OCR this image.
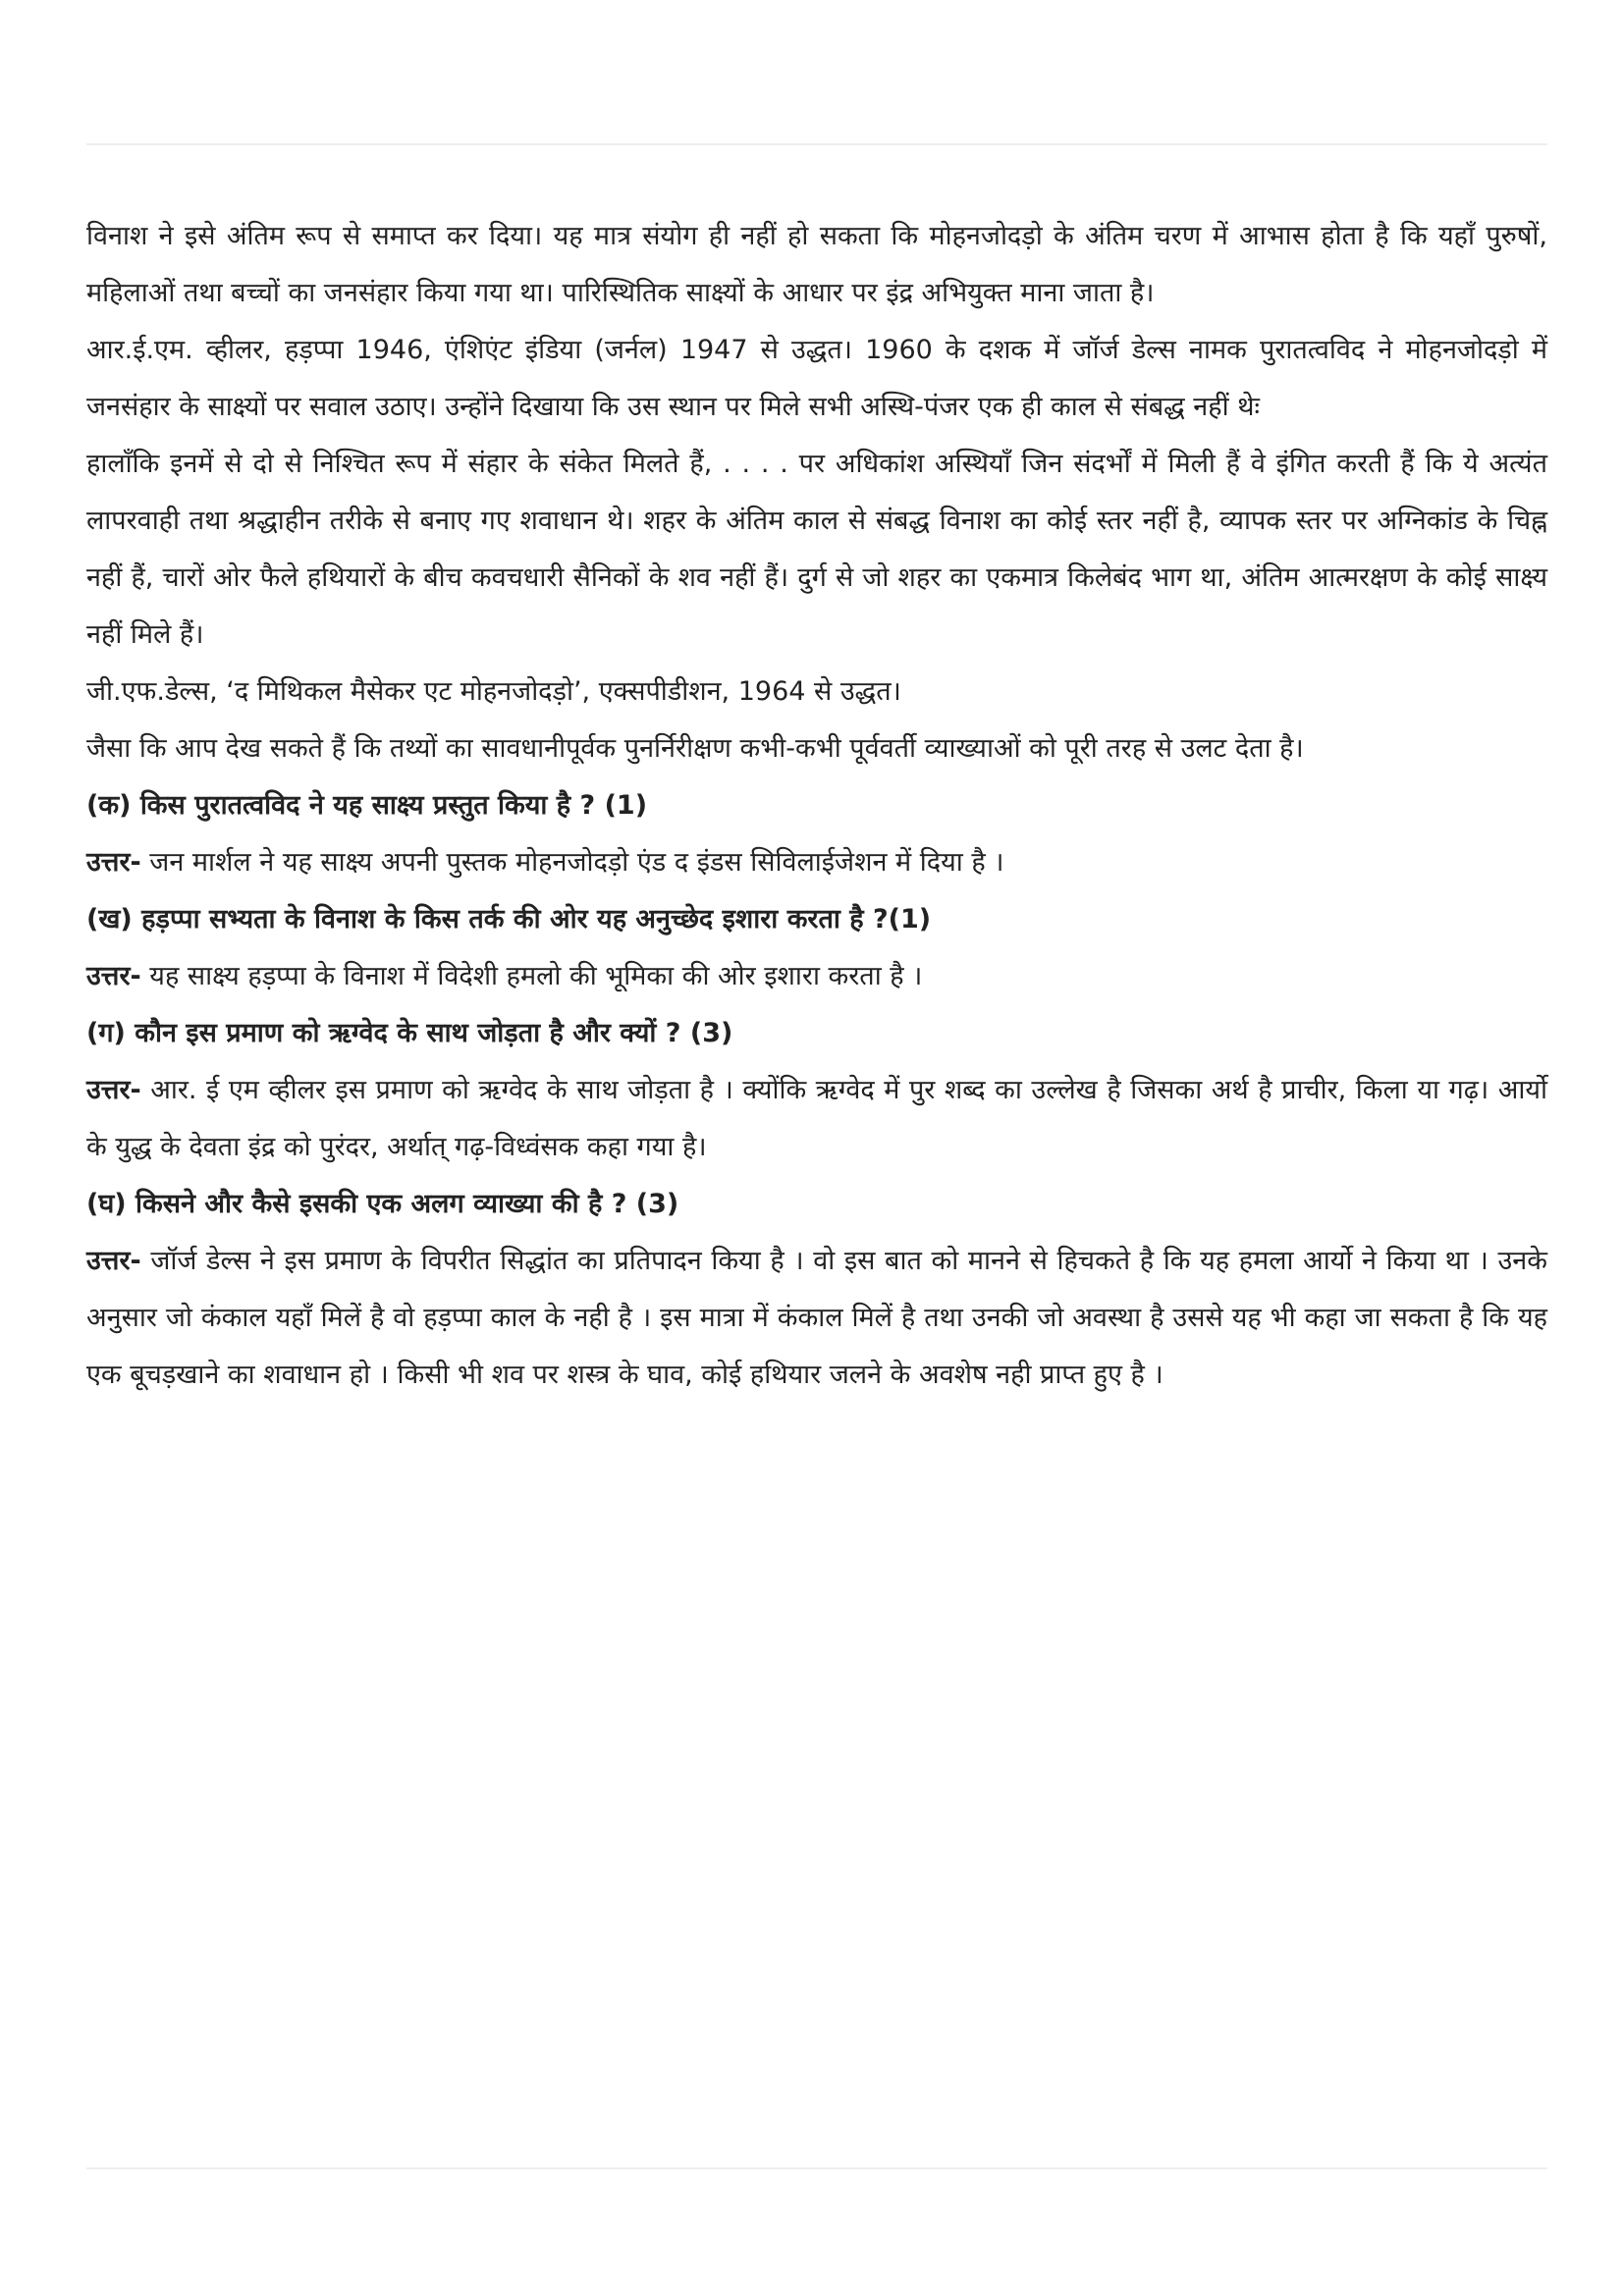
विनाश ने इसे अंतिम रूप से समाप्त कर दिया। यह मात्र संयोग ही नहीं हो सकता कि मोहनजोदड़ो के अंतिम चरण में आभास होता है कि यहाँ पुरुषों, महिलाओं तथा बच्चों का जनसंहार किया गया था। पारिस्थितिक साक्ष्यों के आधार पर इंद्र अभियुक्त माना जाता है।

आर.ई.एम. व्हीलर, हड़प्पा 1946, एंशिएंट इंडिया (जर्नल) 1947 से उद्धत। 1960 के दशक में जॉर्ज डेल्स नामक पुरातत्वविद ने मोहनजोदड़ो में जनसंहार के साक्ष्यों पर सवाल उठाए। उन्होंने दिखाया कि उस स्थान पर मिले सभी अस्थि-पंजर एक ही काल से संबद्ध नहीं थेः

हालाँकि इनमें से दो से निश्चित रूप में संहार के संकेत मिलते हैं, . . . . पर अधिकांश अस्थियाँ जिन संदर्भों में मिली हैं वे इंगित करती हैं कि ये अत्यंत लापरवाही तथा श्रद्धाहीन तरीके से बनाए गए शवाधान थे। शहर के अंतिम काल से संबद्ध विनाश का कोई स्तर नहीं है, व्यापक स्तर पर अग्निकांड के चिह्न नहीं हैं, चारों ओर फैले हथियारों के बीच कवचधारी सैनिकों के शव नहीं हैं। दुर्ग से जो शहर का एकमात्र किलेबंद भाग था, अंतिम आत्मरक्षण के कोई साक्ष्य नहीं मिले हैं।

जी.एफ.डेल्स, ‘द मिथिकल मैसेकर एट मोहनजोदड़ो’, एक्सपीडीशन, 1964 से उद्धत।

जैसा कि आप देख सकते हैं कि तथ्यों का सावधानीपूर्वक पुनर्निरीक्षण कभी-कभी पूर्ववर्ती व्याख्याओं को पूरी तरह से उलट देता है।

(क) किस पुरातत्वविद ने यह साक्ष्य प्रस्तुत किया है ? (1)

उत्तर- जन मार्शल ने यह साक्ष्य अपनी पुस्तक मोहनजोदड़ो एंड द इंडस सिविलाईजेशन में दिया है ।

(ख) हड़प्पा सभ्यता के विनाश के किस तर्क की ओर यह अनुच्छेद इशारा करता है ?(1)

उत्तर- यह साक्ष्य हड़प्पा के विनाश में विदेशी हमलो की भूमिका की ओर इशारा करता है ।

(ग) कौन इस प्रमाण को ऋग्वेद के साथ जोड़ता है और क्यों ? (3)

उत्तर- आर. ई एम व्हीलर इस प्रमाण को ऋग्वेद के साथ जोड़ता है । क्योंकि ऋग्वेद में पुर शब्द का उल्लेख है जिसका अर्थ है प्राचीर, किला या गढ़। आर्यो के युद्ध के देवता इंद्र को पुरंदर, अर्थात् गढ़-विध्वंसक कहा गया है।

(घ) किसने और कैसे इसकी एक अलग व्याख्या की है ? (3)

उत्तर- जॉर्ज डेल्स ने इस प्रमाण के विपरीत सिद्धांत का प्रतिपादन किया है । वो इस बात को मानने से हिचकते है कि यह हमला आर्यो ने किया था । उनके अनुसार जो कंकाल यहाँ मिलें है वो हड़प्पा काल के नही है । इस मात्रा में कंकाल मिलें है तथा उनकी जो अवस्था है उससे यह भी कहा जा सकता है कि यह एक बूचड़खाने का शवाधान हो । किसी भी शव पर शस्त्र के घाव, कोई हथियार जलने के अवशेष नही प्राप्त हुए है ।
